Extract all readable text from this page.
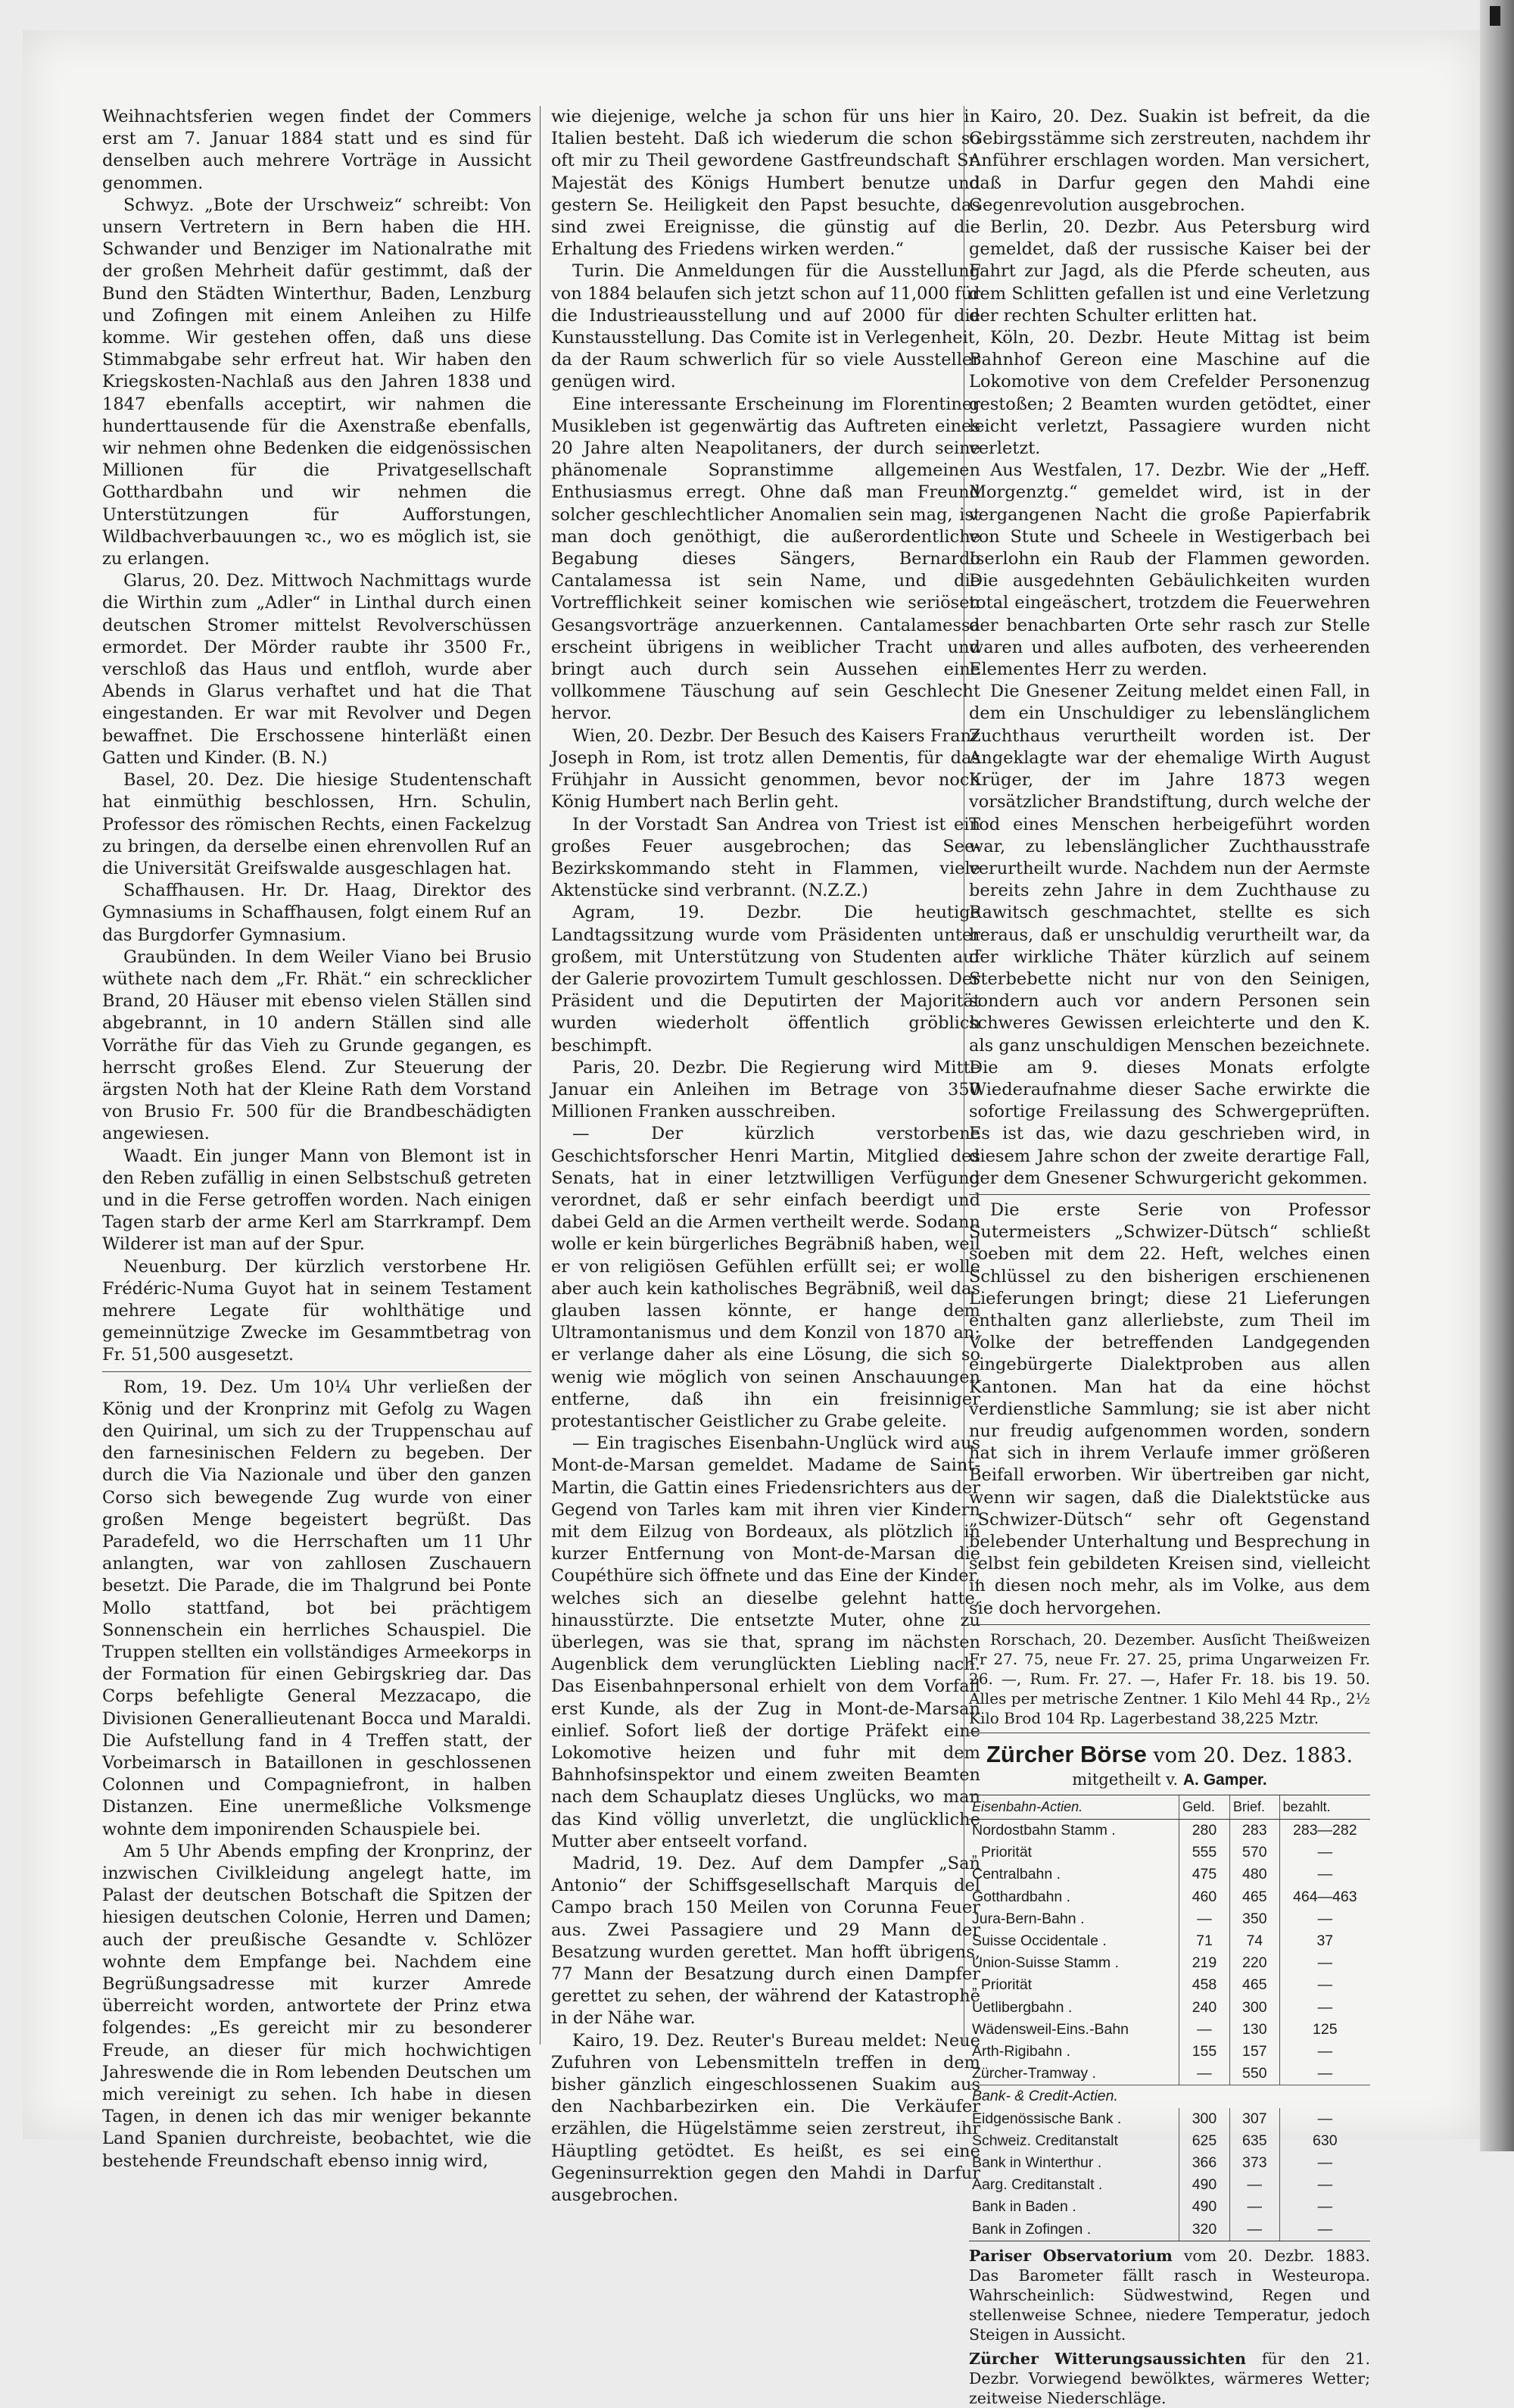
Weihnachtsferien wegen findet der Commers erst am 7. Januar 1884 statt und es sind für denselben auch mehrere Vorträge in Aussicht genommen.

Schwyz. „Bote der Urschweiz“ schreibt: Von unsern Vertretern in Bern haben die HH. Schwander und Benziger im Nationalrathe mit der großen Mehrheit dafür gestimmt, daß der Bund den Städten Winterthur, Baden, Lenzburg und Zofingen mit einem Anleihen zu Hilfe komme. Wir gestehen offen, daß uns diese Stimmabgabe sehr erfreut hat. Wir haben den Kriegskosten-Nachlaß aus den Jahren 1838 und 1847 ebenfalls acceptirt, wir nahmen die hunderttausende für die Axenstraße ebenfalls, wir nehmen ohne Bedenken die eidgenössischen Millionen für die Privatgesellschaft Gotthardbahn und wir nehmen die Unterstützungen für Aufforstungen, Wildbachverbauungen ꝛc., wo es möglich ist, sie zu erlangen.

Glarus, 20. Dez. Mittwoch Nachmittags wurde die Wirthin zum „Adler“ in Linthal durch einen deutschen Stromer mittelst Revolverschüssen ermordet. Der Mörder raubte ihr 3500 Fr., verschloß das Haus und entfloh, wurde aber Abends in Glarus verhaftet und hat die That eingestanden. Er war mit Revolver und Degen bewaffnet. Die Erschossene hinterläßt einen Gatten und Kinder. (B. N.)

Basel, 20. Dez. Die hiesige Studentenschaft hat einmüthig beschlossen, Hrn. Schulin, Professor des römischen Rechts, einen Fackelzug zu bringen, da derselbe einen ehrenvollen Ruf an die Universität Greifswalde ausgeschlagen hat.

Schaffhausen. Hr. Dr. Haag, Direktor des Gymnasiums in Schaffhausen, folgt einem Ruf an das Burgdorfer Gymnasium.

Graubünden. In dem Weiler Viano bei Brusio wüthete nach dem „Fr. Rhät.“ ein schrecklicher Brand, 20 Häuser mit ebenso vielen Ställen sind abgebrannt, in 10 andern Ställen sind alle Vorräthe für das Vieh zu Grunde gegangen, es herrscht großes Elend. Zur Steuerung der ärgsten Noth hat der Kleine Rath dem Vorstand von Brusio Fr. 500 für die Brandbeschädigten angewiesen.

Waadt. Ein junger Mann von Blemont ist in den Reben zufällig in einen Selbstschuß getreten und in die Ferse getroffen worden. Nach einigen Tagen starb der arme Kerl am Starrkrampf. Dem Wilderer ist man auf der Spur.

Neuenburg. Der kürzlich verstorbene Hr. Frédéric-Numa Guyot hat in seinem Testament mehrere Legate für wohlthätige und gemeinnützige Zwecke im Gesammtbetrag von Fr. 51,500 ausgesetzt.

Rom, 19. Dez. Um 10¼ Uhr verließen der König und der Kronprinz mit Gefolg zu Wagen den Quirinal, um sich zu der Truppenschau auf den farnesinischen Feldern zu begeben. Der durch die Via Nazionale und über den ganzen Corso sich bewegende Zug wurde von einer großen Menge begeistert begrüßt. Das Paradefeld, wo die Herrschaften um 11 Uhr anlangten, war von zahllosen Zuschauern besetzt. Die Parade, die im Thalgrund bei Ponte Mollo stattfand, bot bei prächtigem Sonnenschein ein herrliches Schauspiel. Die Truppen stellten ein vollständiges Armeekorps in der Formation für einen Gebirgskrieg dar. Das Corps befehligte General Mezzacapo, die Divisionen Generallieutenant Bocca und Maraldi. Die Aufstellung fand in 4 Treffen statt, der Vorbeimarsch in Bataillonen in geschlossenen Colonnen und Compagniefront, in halben Distanzen. Eine unermeßliche Volksmenge wohnte dem imponirenden Schauspiele bei.

Am 5 Uhr Abends empfing der Kronprinz, der inzwischen Civilkleidung angelegt hatte, im Palast der deutschen Botschaft die Spitzen der hiesigen deutschen Colonie, Herren und Damen; auch der preußische Gesandte v. Schlözer wohnte dem Empfange bei. Nachdem eine Begrüßungsadresse mit kurzer Amrede überreicht worden, antwortete der Prinz etwa folgendes: „Es gereicht mir zu besonderer Freude, an dieser für mich hochwichtigen Jahreswende die in Rom lebenden Deutschen um mich vereinigt zu sehen. Ich habe in diesen Tagen, in denen ich das mir weniger bekannte Land Spanien durchreiste, beobachtet, wie die bestehende Freundschaft ebenso innig wird,

wie diejenige, welche ja schon für uns hier in Italien besteht. Daß ich wiederum die schon so oft mir zu Theil gewordene Gastfreundschaft Sr. Majestät des Königs Humbert benutze und gestern Se. Heiligkeit den Papst besuchte, das sind zwei Ereignisse, die günstig auf die Erhaltung des Friedens wirken werden.“

Turin. Die Anmeldungen für die Ausstellung von 1884 belaufen sich jetzt schon auf 11,000 für die Industrieausstellung und auf 2000 für die Kunstausstellung. Das Comite ist in Verlegenheit, da der Raum schwerlich für so viele Aussteller genügen wird.

Eine interessante Erscheinung im Florentiner Musikleben ist gegenwärtig das Auftreten eines 20 Jahre alten Neapolitaners, der durch seine phänomenale Sopranstimme allgemeinen Enthusiasmus erregt. Ohne daß man Freund solcher geschlechtlicher Anomalien sein mag, ist man doch genöthigt, die außerordentliche Begabung dieses Sängers, Bernardo Cantalamessa ist sein Name, und die Vortrefflichkeit seiner komischen wie seriösen Gesangsvorträge anzuerkennen. Cantalamessa erscheint übrigens in weiblicher Tracht und bringt auch durch sein Aussehen eine vollkommene Täuschung auf sein Geschlecht hervor.

Wien, 20. Dezbr. Der Besuch des Kaisers Franz Joseph in Rom, ist trotz allen Dementis, für das Frühjahr in Aussicht genommen, bevor noch König Humbert nach Berlin geht.

In der Vorstadt San Andrea von Triest ist ein großes Feuer ausgebrochen; das See-Bezirkskommando steht in Flammen, viele Aktenstücke sind verbrannt. (N.Z.Z.)

Agram, 19. Dezbr. Die heutige Landtagssitzung wurde vom Präsidenten unter großem, mit Unterstützung von Studenten auf der Galerie provozirtem Tumult geschlossen. Der Präsident und die Deputirten der Majorität wurden wiederholt öffentlich gröblich beschimpft.

Paris, 20. Dezbr. Die Regierung wird Mitte Januar ein Anleihen im Betrage von 350 Millionen Franken ausschreiben.

— Der kürzlich verstorbene Geschichtsforscher Henri Martin, Mitglied des Senats, hat in einer letztwilligen Verfügung verordnet, daß er sehr einfach beerdigt und dabei Geld an die Armen vertheilt werde. Sodann wolle er kein bürgerliches Begräbniß haben, weil er von religiösen Gefühlen erfüllt sei; er wolle aber auch kein katholisches Begräbniß, weil das glauben lassen könnte, er hange dem Ultramontanismus und dem Konzil von 1870 an; er verlange daher als eine Lösung, die sich so wenig wie möglich von seinen Anschauungen entferne, daß ihn ein freisinniger protestantischer Geistlicher zu Grabe geleite.

— Ein tragisches Eisenbahn-Unglück wird aus Mont-de-Marsan gemeldet. Madame de Saint-Martin, die Gattin eines Friedensrichters aus der Gegend von Tarles kam mit ihren vier Kindern mit dem Eilzug von Bordeaux, als plötzlich in kurzer Entfernung von Mont-de-Marsan die Coupéthüre sich öffnete und das Eine der Kinder, welches sich an dieselbe gelehnt hatte, hinausstürzte. Die entsetzte Muter, ohne zu überlegen, was sie that, sprang im nächsten Augenblick dem verunglückten Liebling nach. Das Eisenbahnpersonal erhielt von dem Vorfall erst Kunde, als der Zug in Mont-de-Marsan einlief. Sofort ließ der dortige Präfekt eine Lokomotive heizen und fuhr mit dem Bahnhofsinspektor und einem zweiten Beamten nach dem Schauplatz dieses Unglücks, wo man das Kind völlig unverletzt, die unglückliche Mutter aber entseelt vorfand.

Madrid, 19. Dez. Auf dem Dampfer „San Antonio“ der Schiffsgesellschaft Marquis del Campo brach 150 Meilen von Corunna Feuer aus. Zwei Passagiere und 29 Mann der Besatzung wurden gerettet. Man hofft übrigens, 77 Mann der Besatzung durch einen Dampfer gerettet zu sehen, der während der Katastrophe in der Nähe war.

Kairo, 19. Dez. Reuter's Bureau meldet: Neue Zufuhren von Lebensmitteln treffen in dem bisher gänzlich eingeschlossenen Suakim aus den Nachbarbezirken ein. Die Verkäufer erzählen, die Hügelstämme seien zerstreut, ihr Häuptling getödtet. Es heißt, es sei eine Gegeninsurrektion gegen den Mahdi in Darfur ausgebrochen.

Kairo, 20. Dez. Suakin ist befreit, da die Gebirgsstämme sich zerstreuten, nachdem ihr Anführer erschlagen worden. Man versichert, daß in Darfur gegen den Mahdi eine Gegenrevolution ausgebrochen.

Berlin, 20. Dezbr. Aus Petersburg wird gemeldet, daß der russische Kaiser bei der Fahrt zur Jagd, als die Pferde scheuten, aus dem Schlitten gefallen ist und eine Verletzung der rechten Schulter erlitten hat.

Köln, 20. Dezbr. Heute Mittag ist beim Bahnhof Gereon eine Maschine auf die Lokomotive von dem Crefelder Personenzug gestoßen; 2 Beamten wurden getödtet, einer leicht verletzt, Passagiere wurden nicht verletzt.

Aus Westfalen, 17. Dezbr. Wie der „Heff. Morgenztg.“ gemeldet wird, ist in der vergangenen Nacht die große Papierfabrik von Stute und Scheele in Westigerbach bei Iserlohn ein Raub der Flammen geworden. Die ausgedehnten Gebäulichkeiten wurden total eingeäschert, trotzdem die Feuerwehren der benachbarten Orte sehr rasch zur Stelle waren und alles aufboten, des verheerenden Elementes Herr zu werden.

Die Gnesener Zeitung meldet einen Fall, in dem ein Unschuldiger zu lebenslänglichem Zuchthaus verurtheilt worden ist. Der Angeklagte war der ehemalige Wirth August Krüger, der im Jahre 1873 wegen vorsätzlicher Brandstiftung, durch welche der Tod eines Menschen herbeigeführt worden war, zu lebenslänglicher Zuchthausstrafe verurtheilt wurde. Nachdem nun der Aermste bereits zehn Jahre in dem Zuchthause zu Rawitsch geschmachtet, stellte es sich heraus, daß er unschuldig verurtheilt war, da der wirkliche Thäter kürzlich auf seinem Sterbebette nicht nur von den Seinigen, sondern auch vor andern Personen sein schweres Gewissen erleichterte und den K. als ganz unschuldigen Menschen bezeichnete. Die am 9. dieses Monats erfolgte Wiederaufnahme dieser Sache erwirkte die sofortige Freilassung des Schwergeprüften. Es ist das, wie dazu geschrieben wird, in diesem Jahre schon der zweite derartige Fall, der dem Gnesener Schwurgericht gekommen.

Die erste Serie von Professor Sutermeisters „Schwizer-Dütsch“ schließt soeben mit dem 22. Heft, welches einen Schlüssel zu den bisherigen erschienenen Lieferungen bringt; diese 21 Lieferungen enthalten ganz allerliebste, zum Theil im Volke der betreffenden Landgegenden eingebürgerte Dialektproben aus allen Kantonen. Man hat da eine höchst verdienstliche Sammlung; sie ist aber nicht nur freudig aufgenommen worden, sondern hat sich in ihrem Verlaufe immer größeren Beifall erworben. Wir übertreiben gar nicht, wenn wir sagen, daß die Dialektstücke aus „Schwizer-Dütsch“ sehr oft Gegenstand belebender Unterhaltung und Besprechung in selbst fein gebildeten Kreisen sind, vielleicht in diesen noch mehr, als im Volke, aus dem sie doch hervorgehen.

Rorschach, 20. Dezember. Ausſicht Theißweizen Fr 27. 75, neue Fr. 27. 25, prima Ungarweizen Fr. 26. —, Rum. Fr. 27. —, Hafer Fr. 18. bis 19. 50. Alles per metrische Zentner. 1 Kilo Mehl 44 Rp., 2½ Kilo Brod 104 Rp. Lagerbestand 38,225 Mztr.

Zürcher Börse vom 20. Dez. 1883.
mitgetheilt v. A. Gamper.
Eisenbahn-Actien.	Geld.	Brief.	bezahlt.
Nordostbahn Stamm .	280	283	283—282
„ Priorität	555	570	—
Centralbahn .	475	480	—
Gotthardbahn .	460	465	464—463
Jura-Bern-Bahn .	—	350	—
Suisse Occidentale .	71	74	37
Union-Suisse Stamm .	219	220	—
„ Priorität	458	465	—
Uetlibergbahn .	240	300	—
Wädensweil-Eins.-Bahn	—	130	125
Arth-Rigibahn .	155	157	—
Zürcher-Tramway .	—	550	—
Bank- & Credit-Actien.			
Eidgenössische Bank .	300	307	—
Schweiz. Creditanstalt	625	635	630
Bank in Winterthur .	366	373	—
Aarg. Creditanstalt .	490	—	—
Bank in Baden .	490	—	—
Bank in Zofingen .	320	—	—
Pariser Observatorium vom 20. Dezbr. 1883. Das Barometer fällt rasch in Westeuropa. Wahrscheinlich: Südwestwind, Regen und stellenweise Schnee, niedere Temperatur, jedoch Steigen in Aussicht.
Zürcher Witterungsaussichten für den 21. Dezbr. Vorwiegend bewölktes, wärmeres Wetter; zeitweise Niederschläge.
